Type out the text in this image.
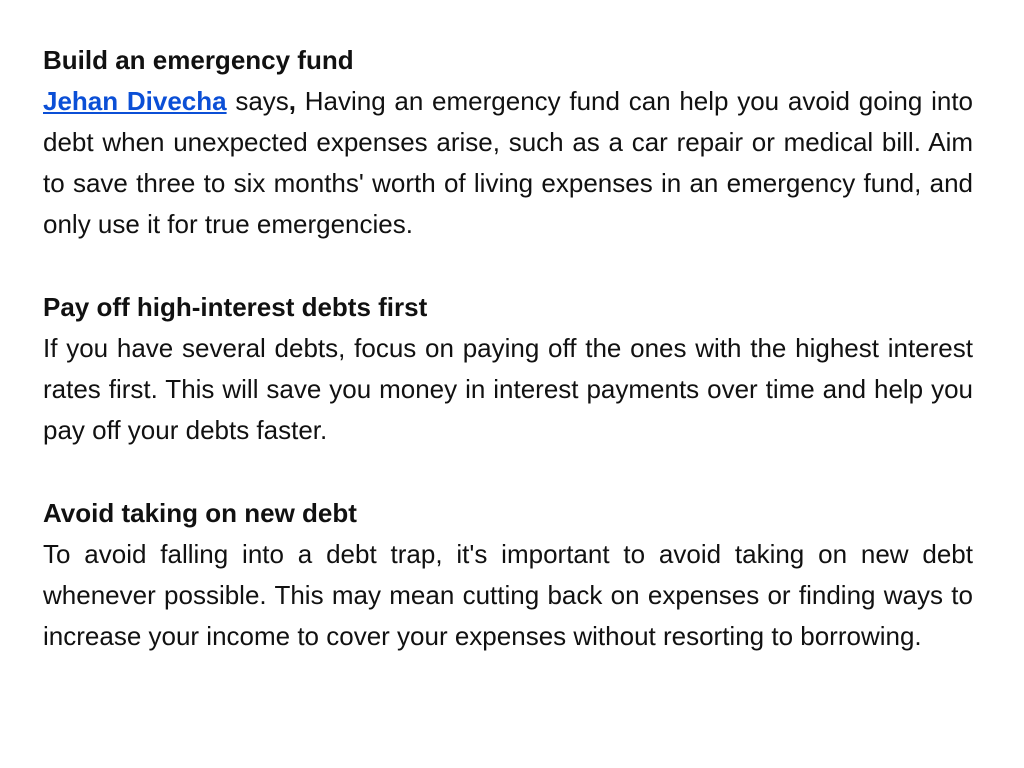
Build an emergency fund

Jehan Divecha says, Having an emergency fund can help you avoid going into debt when unexpected expenses arise, such as a car repair or medical bill. Aim to save three to six months' worth of living expenses in an emergency fund, and only use it for true emergencies.

Pay off high-interest debts first

If you have several debts, focus on paying off the ones with the highest interest rates first. This will save you money in interest payments over time and help you pay off your debts faster.

Avoid taking on new debt

To avoid falling into a debt trap, it's important to avoid taking on new debt whenever possible. This may mean cutting back on expenses or finding ways to increase your income to cover your expenses without resorting to borrowing.
